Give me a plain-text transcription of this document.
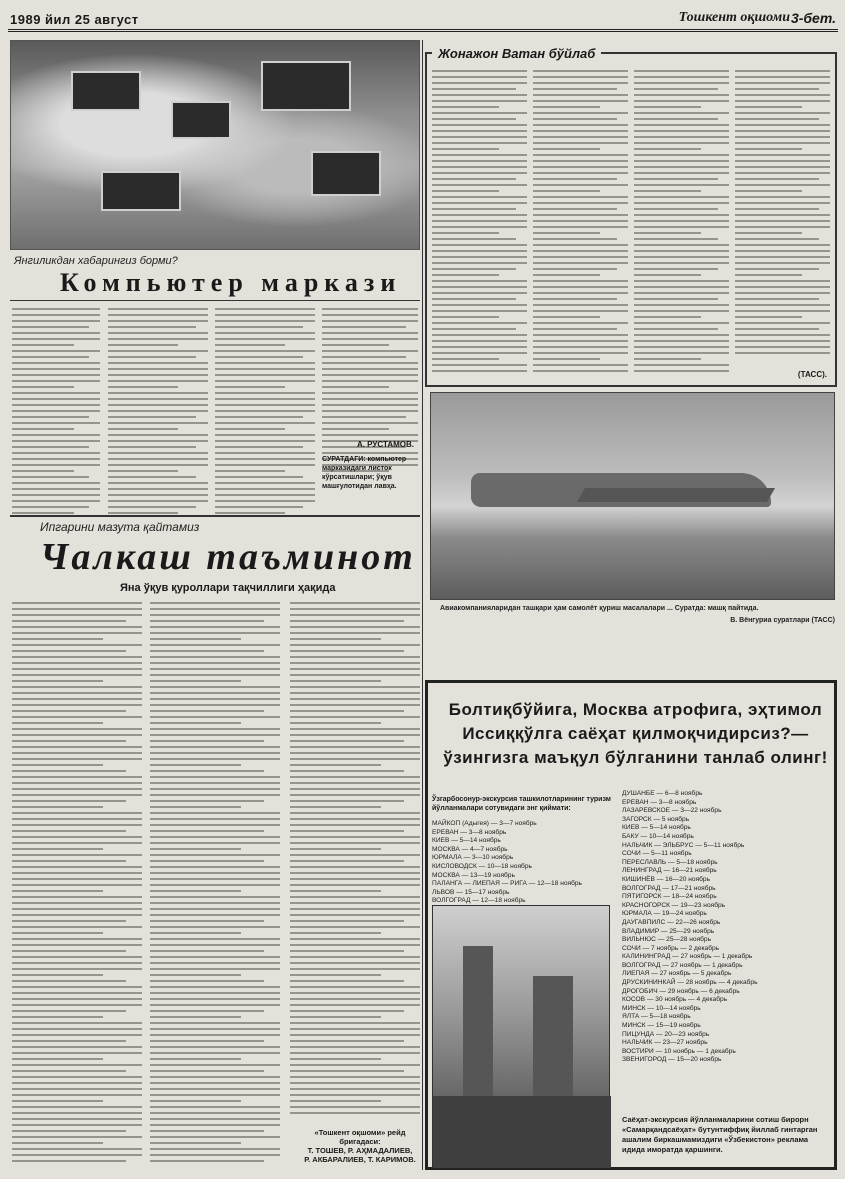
1989 йил 25 август	Тошкент оқшоми 3-бет.
Янгиликдан хабарингиз борми?
Компьютер маркази
А. РУСТАМОВ.
СУРАТДАГИ: компьютер марказидаги листок кўрсатишлари; ўқув машғулотидан лавҳа.
Жонажон Ватан бўйлаб
(ТАСС).
Авиакомпанияларидан ташқари ҳам самолёт қуриш масалалари ... Суратда: машқ пайтида.
В. Вёнгуриа суратлари (ТАСС)
Ипгарини мазута қайтамиз
Чалкаш таъминот
Яна ўқув қуроллари тақчиллиги ҳақида
«Тошкент оқшоми» рейд бригадаси:
Т. ТОШЕВ, Р. АҲМАДАЛИЕВ,
Р. АКБАРАЛИЕВ, Т. КАРИМОВ.
Болтиқбўйига, Москва атрофига, эҳтимол Иссиққўлга саёҳат қилмоқчидирсиз?— ўзингизга маъқул бўлганини танлаб олинг!
Ўзгарбосонур-экскурсия ташкилотларининг туризм йўлланмалари сотувидаги энг қиймати:
МАЙКОП (Адыгея) — 3—7 ноябрь
ЕРЕВАН — 3—8 ноябрь
КИЕВ — 5—14 ноябрь
МОСКВА — 4—7 ноябрь
ЮРМАЛА — 3—10 ноябрь
КИСЛОВОДСК — 10—18 ноябрь
МОСКВА — 13—19 ноябрь
ПАЛАНГА — ЛИЕПАЯ — РИГА — 12—18 ноябрь
ЛЬВОВ — 15—17 ноябрь
ВОЛГОГРАД — 12—18 ноябрь
ДУШАНБЕ — 6—8 ноябрь
ЕРЕВАН — 3—8 ноябрь
ЛАЗАРЕВСКОЕ — 3—22 ноябрь
ЗАГОРСК — 5 ноябрь
КИЕВ — 5—14 ноябрь
БАКУ — 10—14 ноябрь
НАЛЬЧИК — ЭЛЬБРУС — 5—11 ноябрь
СОЧИ — 5—11 ноябрь
ПЕРЕСЛАВЛЬ — 5—18 ноябрь
ЛЕНИНГРАД — 16—21 ноябрь
КИШИНЁВ — 16—20 ноябрь
ВОЛГОГРАД — 17—21 ноябрь
ПЯТИГОРСК — 18—24 ноябрь
КРАСНОГОРСК — 19—23 ноябрь
ЮРМАЛА — 19—24 ноябрь
ДАУГАВПИЛС — 22—26 ноябрь
ВЛАДИМИР — 25—29 ноябрь
ВИЛЬНЮС — 25—28 ноябрь
СОЧИ — 7 ноябрь — 2 декабрь
КАЛИНИНГРАД — 27 ноябрь — 1 декабрь
ВОЛГОГРАД — 27 ноябрь — 1 декабрь
ЛИЕПАЯ — 27 ноябрь — 5 декабрь
ДРУСКИНИНКАЙ — 28 ноябрь — 4 декабрь
ДРОГОБИЧ — 29 ноябрь — 6 декабрь
КОСОВ — 30 ноябрь — 4 декабрь
МИНСК — 10—14 ноябрь
ЯЛТА — 5—18 ноябрь
МИНСК — 15—19 ноябрь
ПИЦУНДА — 20—23 ноябрь
НАЛЬЧИК — 23—27 ноябрь
ВОСТИРИ — 10 ноябрь — 1 декабрь
ЗВЕНИГОРОД — 15—20 ноябрь
Саёҳат-экскурсия йўлланмаларини сотиш бирорн «Самарқандсаёҳат» бутунтиффиқ йиллаб гинтарган ашалим биркашмамиздиги «Ўзбекистон» реклама идида иморатда қаршинги.
